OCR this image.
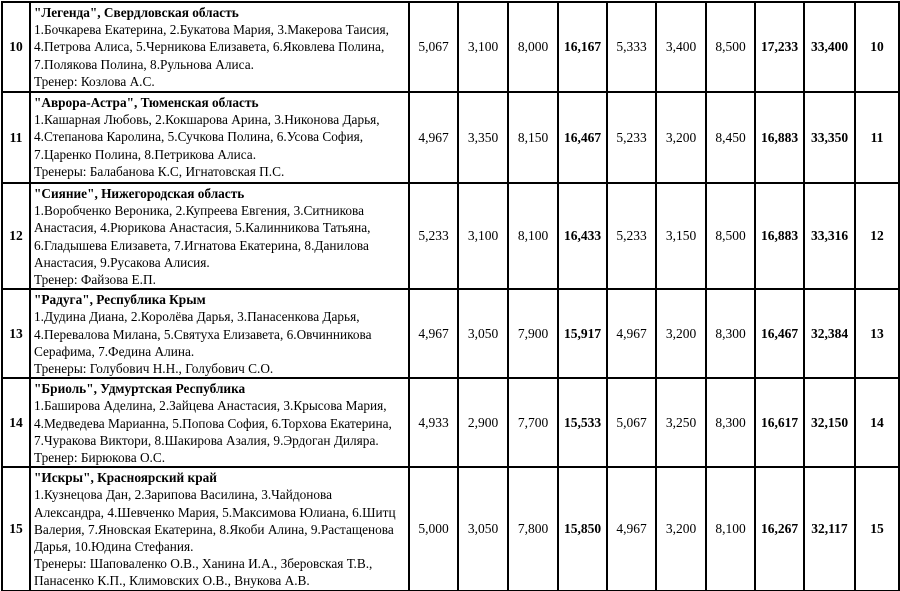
10	"Легенда", Свердловская область
1.Бочкарева Екатерина, 2.Букатова Мария, 3.Макерова Таисия, 4.Петрова Алиса, 5.Черникова Елизавета, 6.Яковлева Полина, 7.Полякова Полина, 8.Рульнова Алиса.
Тренер: Козлова А.С.	5,067	3,100	8,000	16,167	5,333	3,400	8,500	17,233	33,400	10
11	"Аврора-Астра", Тюменская область
1.Кашарная Любовь, 2.Кокшарова Арина, 3.Никонова Дарья, 4.Степанова Каролина, 5.Сучкова Полина, 6.Усова София, 7.Царенко Полина, 8.Петрикова Алиса.
Тренеры: Балабанова К.С, Игнатовская П.С.	4,967	3,350	8,150	16,467	5,233	3,200	8,450	16,883	33,350	11
12	"Сияние", Нижегородская область
1.Воробченко Вероника, 2.Купреева Евгения, 3.Ситникова Анастасия, 4.Рюрикова Анастасия, 5.Калинникова Татьяна, 6.Гладышева Елизавета, 7.Игнатова Екатерина, 8.Данилова Анастасия, 9.Русакова Алисия.
Тренер: Файзова Е.П.	5,233	3,100	8,100	16,433	5,233	3,150	8,500	16,883	33,316	12
13	"Радуга", Республика Крым
1.Дудина Диана, 2.Королёва Дарья, 3.Панасенкова Дарья, 4.Перевалова Милана, 5.Святуха Елизавета, 6.Овчинникова Серафима, 7.Федина Алина.
Тренеры: Голубович Н.Н., Голубович С.О.	4,967	3,050	7,900	15,917	4,967	3,200	8,300	16,467	32,384	13
14	"Бриоль", Удмуртская Республика
1.Баширова Аделина, 2.Зайцева Анастасия, 3.Крысова Мария, 4.Медведева Марианна, 5.Попова София, 6.Торхова Екатерина, 7.Чуракова Виктори, 8.Шакирова Азалия, 9.Эрдоган Диляра.
Тренер: Бирюкова О.С.	4,933	2,900	7,700	15,533	5,067	3,250	8,300	16,617	32,150	14
15	"Искры", Красноярский край
1.Кузнецова Дан, 2.Зарипова Василина, 3.Чайдонова Александра, 4.Шевченко Мария, 5.Максимова Юлиана, 6.Шитц Валерия, 7.Яновская Екатерина, 8.Якоби Алина, 9.Растащенова Дарья, 10.Юдина Стефания.
Тренеры: Шаповаленко О.В., Ханина И.А., Зберовская Т.В., Панасенко К.П., Климовских О.В., Внукова А.В.	5,000	3,050	7,800	15,850	4,967	3,200	8,100	16,267	32,117	15
